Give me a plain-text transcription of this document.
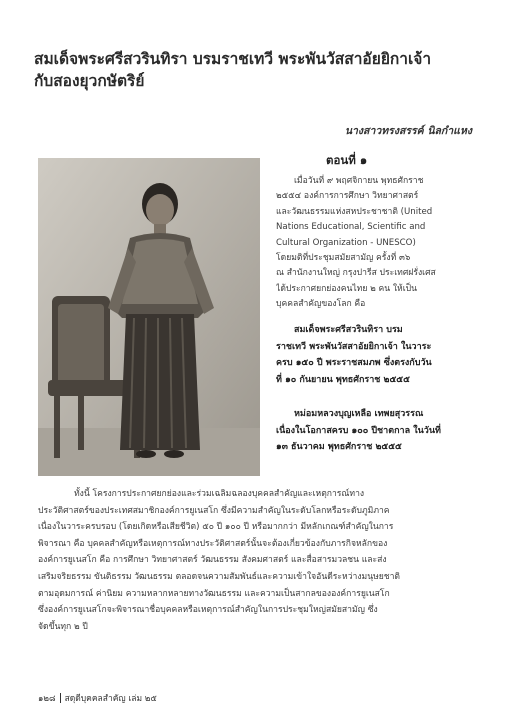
สมเด็จพระศรีสวรินทิรา บรมราชเทวี พระพันวัสสาอัยยิกาเจ้า
กับสองยุวกษัตริย์
นางสาวทรงสรรค์ นิลกำแหง
ตอนที่ ๑
เมื่อวันที่ ๙ พฤศจิกายน พุทธศักราช
๒๕๕๔ องค์การการศึกษา วิทยาศาสตร์
และวัฒนธรรมแห่งสหประชาชาติ (United
Nations Educational, Scientific and
Cultural Organization - UNESCO)
โดยมติที่ประชุมสมัยสามัญ ครั้งที่ ๓๖
ณ สำนักงานใหญ่ กรุงปารีส ประเทศฝรั่งเศส
ได้ประกาศยกย่องคนไทย ๒ คน ให้เป็น
บุคคลสำคัญของโลก คือ
สมเด็จพระศรีสวรินทิรา บรม
ราชเทวี พระพันวัสสาอัยยิกาเจ้า ในวาระ
ครบ ๑๕๐ ปี พระราชสมภพ ซึ่งตรงกับวัน
ที่ ๑๐ กันยายน พุทธศักราช ๒๕๕๕
หม่อมหลวงบุญเหลือ เทพยสุวรรณ
เนื่องในโอกาสครบ ๑๐๐ ปีชาตกาล ในวันที่
๑๓ ธันวาคม พุทธศักราช ๒๕๕๕
ทั้งนี้ โครงการประกาศยกย่องและร่วมเฉลิมฉลองบุคคลสำคัญและเหตุการณ์ทาง
ประวัติศาสตร์ของประเทศสมาชิกองค์การยูเนสโก ซึ่งมีความสำคัญในระดับโลกหรือระดับภูมิภาค
เนื่องในวาระครบรอบ (โดยเกิดหรือเสียชีวิต) ๕๐ ปี ๑๐๐ ปี หรือมากกว่า มีหลักเกณฑ์สำคัญในการ
พิจารณา คือ บุคคลสำคัญหรือเหตุการณ์ทางประวัติศาสตร์นั้นจะต้องเกี่ยวข้องกับภารกิจหลักของ
องค์การยูเนสโก คือ การศึกษา วิทยาศาสตร์ วัฒนธรรม สังคมศาสตร์ และสื่อสารมวลชน และส่ง
เสริมจริยธรรม ขันติธรรม วัฒนธรรม ตลอดจนความสัมพันธ์และความเข้าใจอันดีระหว่างมนุษยชาติ
ตามอุดมการณ์ ค่านิยม ความหลากหลายทางวัฒนธรรม และความเป็นสากลขององค์การยูเนสโก
ซึ่งองค์การยูเนสโกจะพิจารณาชื่อบุคคลหรือเหตุการณ์สำคัญในการประชุมใหญ่สมัยสามัญ ซึ่ง
จัดขึ้นทุก ๒ ปี
๑๒๘ สดุดีบุคคลสำคัญ เล่ม ๒๕
